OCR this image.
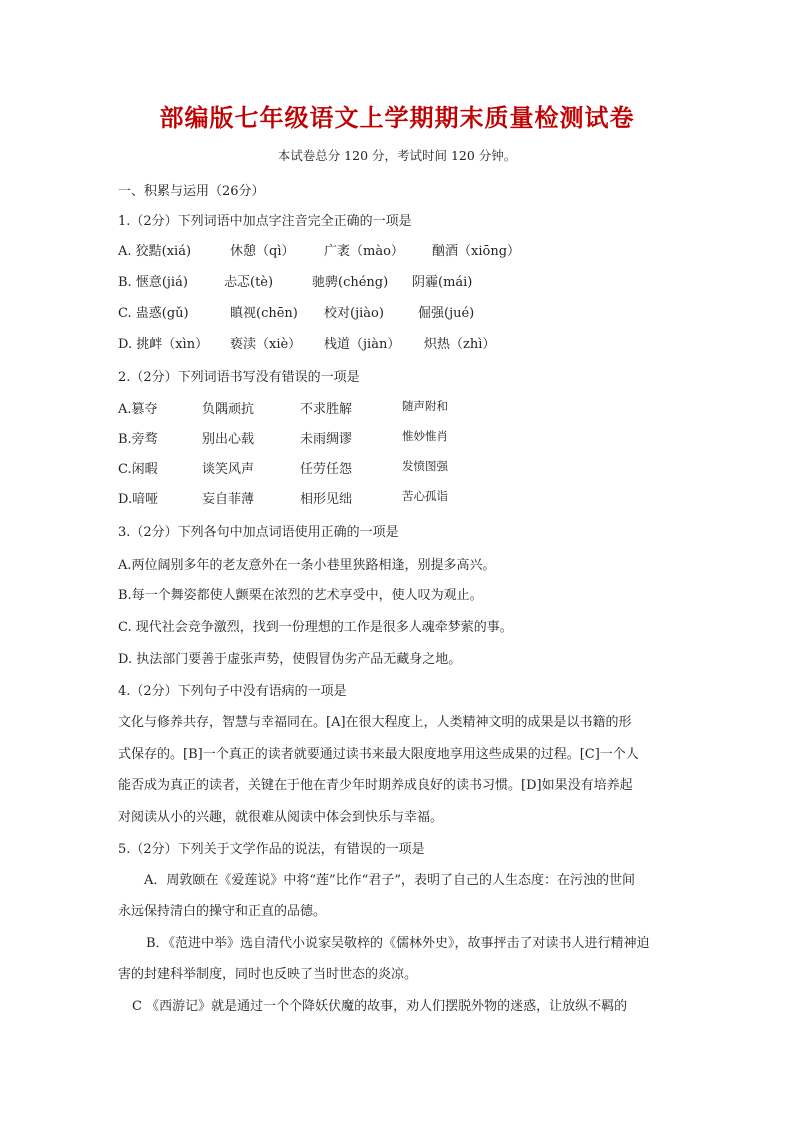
部编版七年级语文上学期期末质量检测试卷
本试卷总分 120 分，考试时间 120 分钟。
一、积累与运用（26分）
1.（2分）下列词语中加点字注音完全正确的一项是
A. 狡黠(xiá)	休憩（qì） 广袤（mào） 酗酒（xiōng）
B. 惬意(jiá)	忐忑(tè)	驰骋(chéng) 阴霾(mái)
C. 蛊惑(gǔ)	瞋视(chēn) 校对(jiào)	倔强(jué)
D. 挑衅（xìn） 亵渎（xiè） 栈道（jiàn） 炽热（zhì）
2.（2分）下列词语书写没有错误的一项是
A.篡夺	负隅顽抗	不求胜解	随声附和
B.旁骛	别出心载	未雨绸谬	惟妙惟肖
C.闲暇	谈笑风声	任劳任怨	发愤图强
D.喑哑	妄自菲薄	相形见绌	苦心孤诣
3.（2分）下列各句中加点词语使用正确的一项是
A.两位阔别多年的老友意外在一条小巷里狭路相逢，别提多高兴。
B.每一个舞姿都使人颤栗在浓烈的艺术享受中，使人叹为观止。
C. 现代社会竞争激烈，找到一份理想的工作是很多人魂牵梦萦的事。
D. 执法部门要善于虚张声势，使假冒伪劣产品无藏身之地。
4.（2分）下列句子中没有语病的一项是
文化与修养共存，智慧与幸福同在。[A]在很大程度上，人类精神文明的成果是以书籍的形
式保存的。[B]一个真正的读者就要通过读书来最大限度地享用这些成果的过程。[C]一个人
能否成为真正的读者，关键在于他在青少年时期养成良好的读书习惯。[D]如果没有培养起
对阅读从小的兴趣，就很难从阅读中体会到快乐与幸福。
5.（2分）下列关于文学作品的说法，有错误的一项是
A．周敦颐在《爱莲说》中将“莲”比作“君子”，表明了自己的人生态度：在污浊的世间
永远保持清白的操守和正直的品德。
B．《范进中举》选自清代小说家吴敬梓的《儒林外史》，故事抨击了对读书人进行精神迫
害的封建科举制度，同时也反映了当时世态的炎凉。
C 《西游记》就是通过一个个降妖伏魔的故事，劝人们摆脱外物的迷惑，让放纵不羁的
